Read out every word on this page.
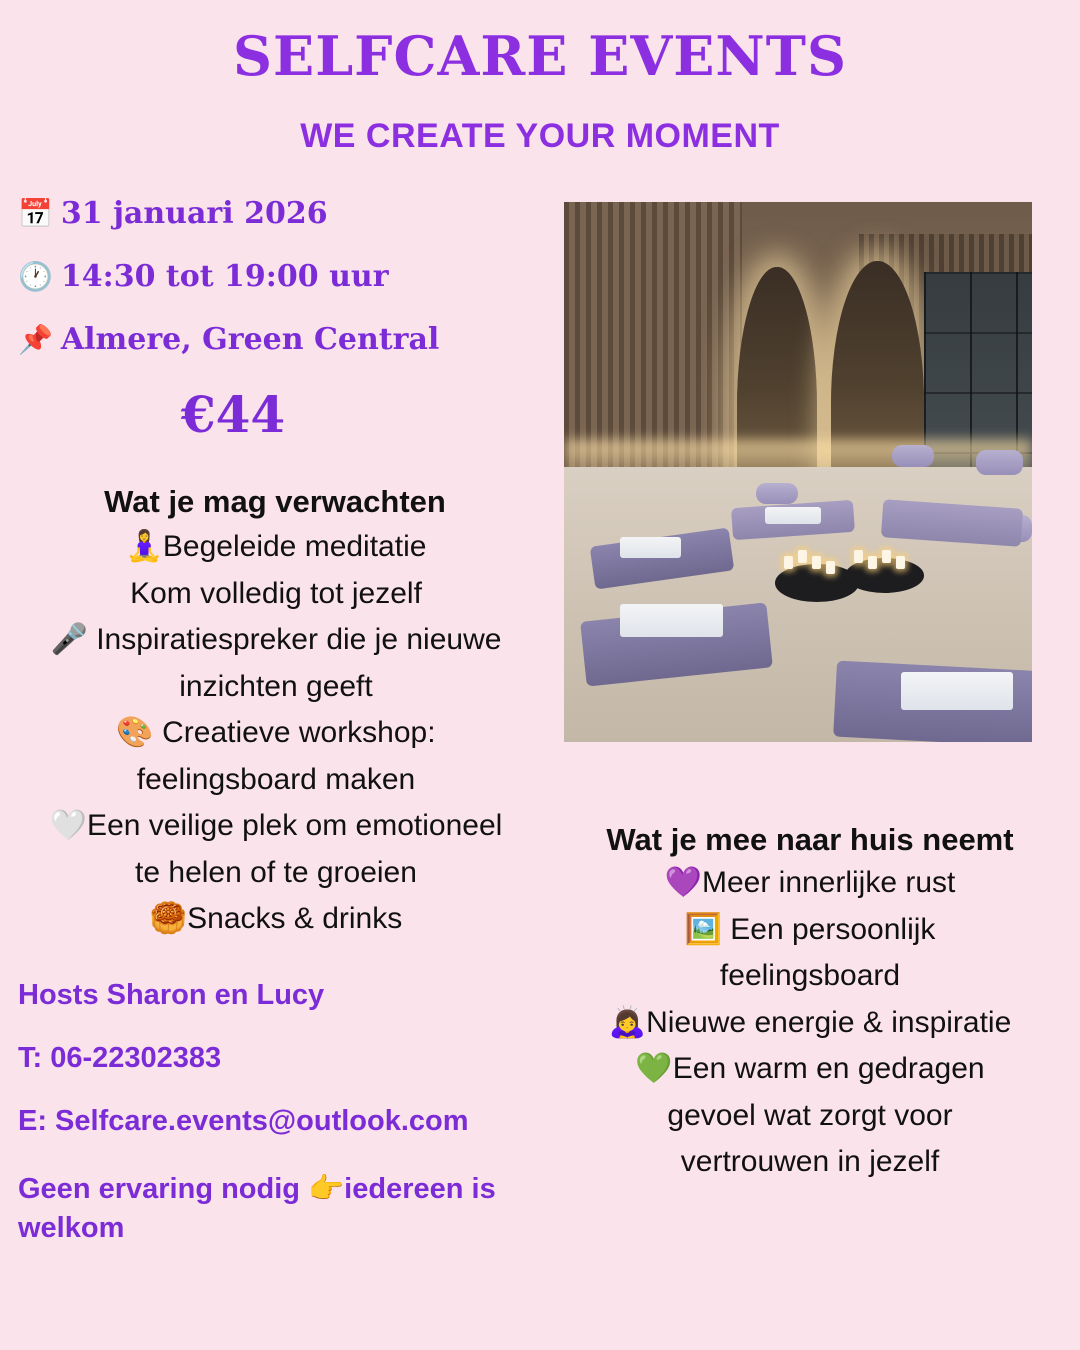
SELFCARE EVENTS
WE CREATE YOUR MOMENT
📅 31 januari 2026
🕐 14:30 tot 19:00 uur
📌 Almere, Green Central
€44
Wat je mag verwachten
🧘‍♀️Begeleide meditatie
Kom volledig tot jezelf
🎤 Inspiratiespreker die je nieuwe
inzichten geeft
🎨 Creatieve workshop:
feelingsboard maken
🤍Een veilige plek om emotioneel
te helen of te groeien
🥮Snacks & drinks
Hosts Sharon en Lucy
T: 06-22302383
E: Selfcare.events@outlook.com
Geen ervaring nodig 👉iedereen is welkom
Wat je mee naar huis neemt
💜Meer innerlijke rust
🖼️ Een persoonlijk
feelingsboard
🙇‍♀️Nieuwe energie & inspiratie
💚Een warm en gedragen
gevoel wat zorgt voor
vertrouwen in jezelf
